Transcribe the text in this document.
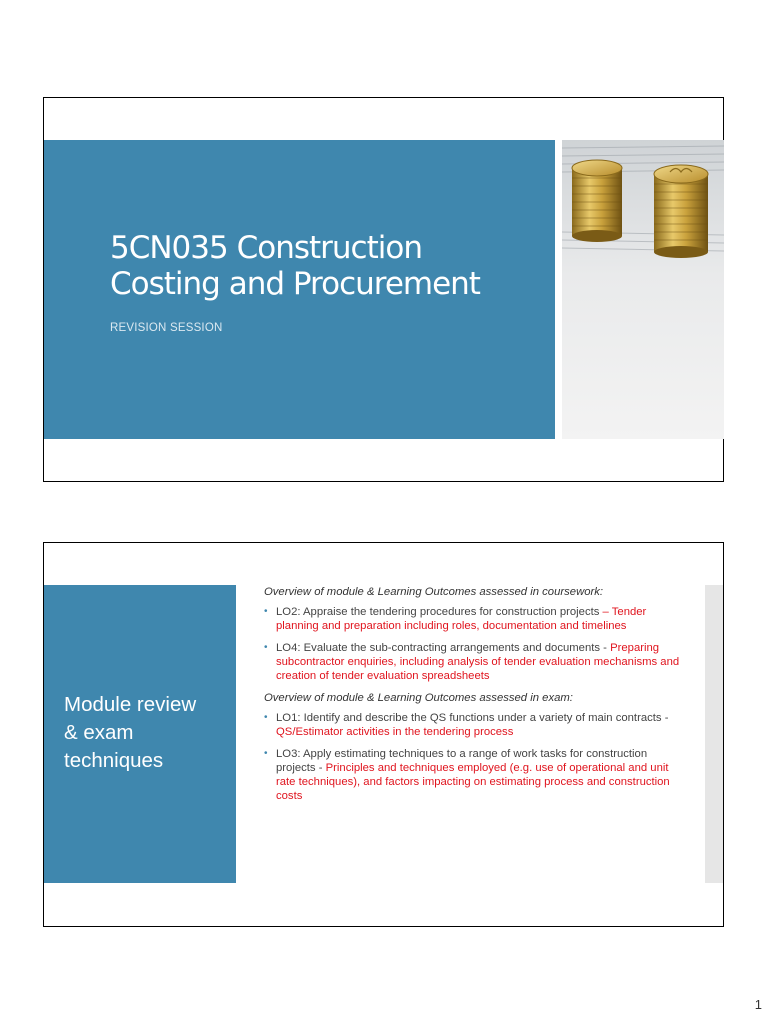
5CN035 Construction
Costing and Procurement
REVISION SESSION
Module review
& exam
techniques

Overview of module & Learning Outcomes assessed in coursework:

• LO2: Appraise the tendering procedures for construction projects – Tender planning and preparation including roles, documentation and timelines
• LO4: Evaluate the sub-contracting arrangements and documents - Preparing subcontractor enquiries, including analysis of tender evaluation mechanisms and creation of tender evaluation spreadsheets

Overview of module & Learning Outcomes assessed in exam:

• LO1: Identify and describe the QS functions under a variety of main contracts - QS/Estimator activities in the tendering process
• LO3: Apply estimating techniques to a range of work tasks for construction projects - Principles and techniques employed (e.g. use of operational and unit rate techniques), and factors impacting on estimating process and construction costs
1
